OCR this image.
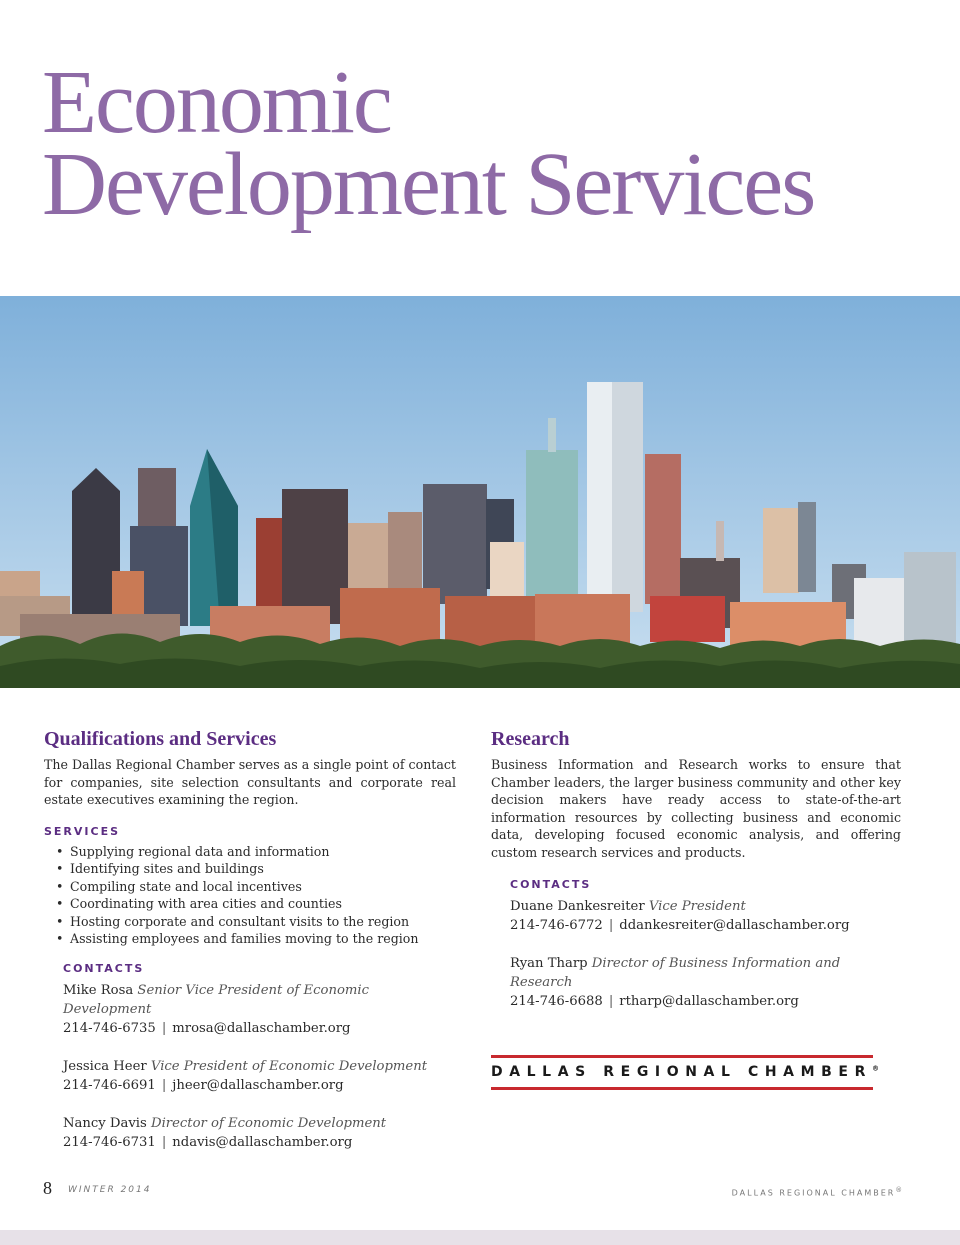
Economic
Development Services
Qualifications and Services

The Dallas Regional Chamber serves as a single point of contact for companies, site selection consultants and corporate real estate executives examining the region.

SERVICES
• Supplying regional data and information
• Identifying sites and buildings
• Compiling state and local incentives
• Coordinating with area cities and counties
• Hosting corporate and consultant visits to the region
• Assisting employees and families moving to the region
CONTACTS
Mike Rosa Senior Vice President of Economic Development
214-746-6735 | mrosa@dallaschamber.org
Jessica Heer Vice President of Economic Development
214-746-6691 | jheer@dallaschamber.org
Nancy Davis Director of Economic Development
214-746-6731 | ndavis@dallaschamber.org
Research

Business Information and Research works to ensure that Chamber leaders, the larger business community and other key decision makers have ready access to state-of-the-art information resources by collecting business and economic data, developing focused economic analysis, and offering custom research services and products.

CONTACTS
Duane Dankesreiter Vice President
214-746-6772 | ddankesreiter@dallaschamber.org
Ryan Tharp Director of Business Information and Research
214-746-6688 | rtharp@dallaschamber.org
DALLAS REGIONAL CHAMBER®
8 WINTER 2014	DALLAS REGIONAL CHAMBER®
